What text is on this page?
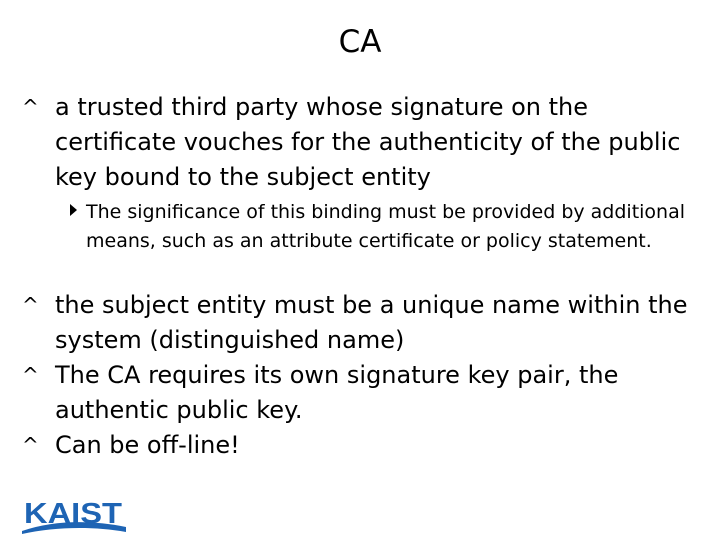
CA
^ a trusted third party whose signature on the certificate vouches for the authenticity of the public key bound to the subject entity
The significance of this binding must be provided by additional means, such as an attribute certificate or policy statement.
^ the subject entity must be a unique name within the system (distinguished name)
^ The CA requires its own signature key pair, the authentic public key.
^ Can be off-line!
KAIST
